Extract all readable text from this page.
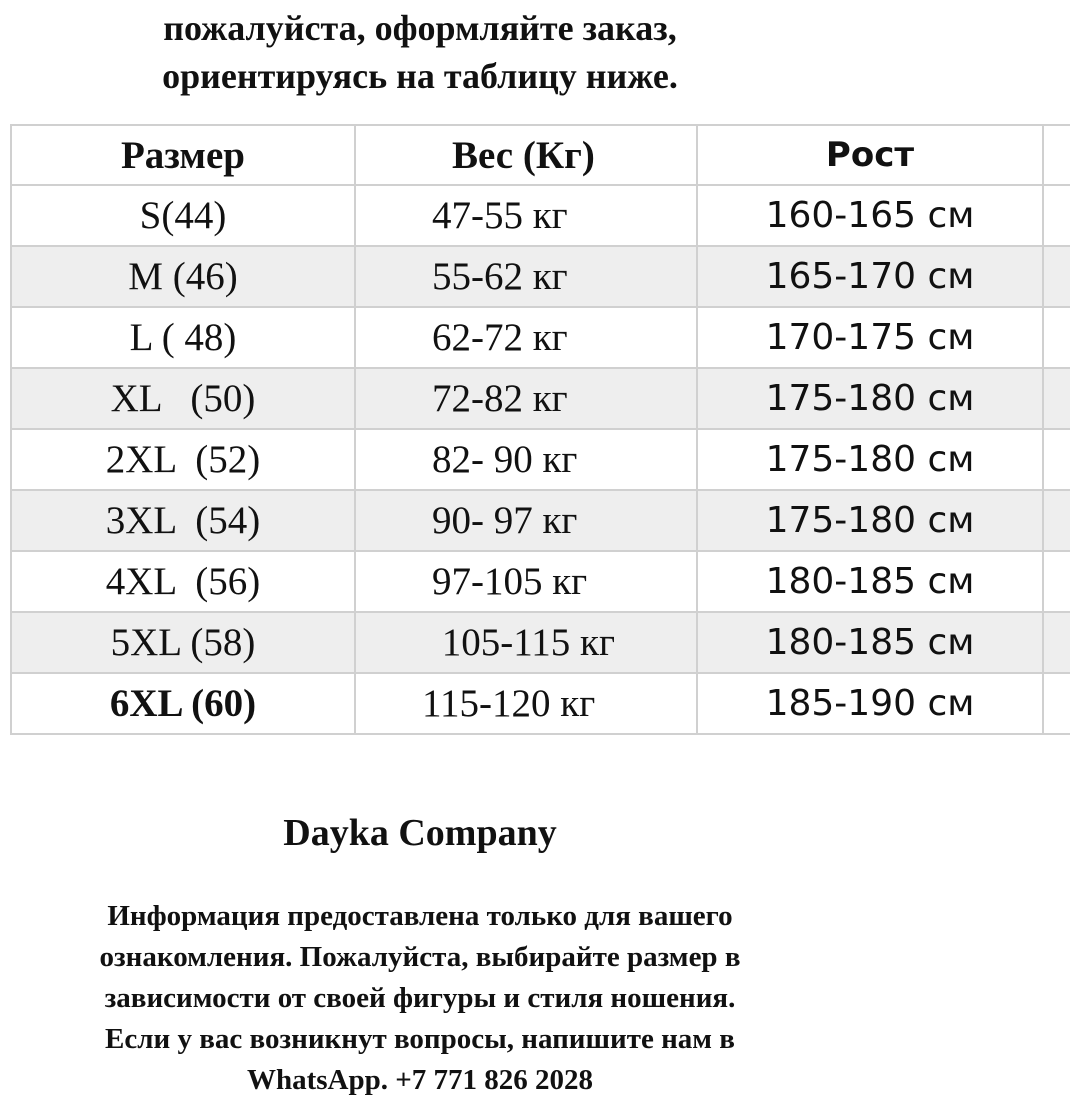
пожалуйста, оформляйте заказ,
ориентируясь на таблицу ниже.
Размер	Вес (Кг)	Рост	
S(44)	47-55 кг	160-165 см	
M (46)	55-62 кг	165-170 см	
L ( 48)	62-72 кг	170-175 см	
XL   (50)	72-82 кг	175-180 см	
2XL  (52)	82- 90 кг	175-180 см	
3XL  (54)	90- 97 кг	175-180 см	
4XL  (56)	97-105 кг	180-185 см	
5XL (58)	105-115 кг	180-185 см	
6XL (60)	115-120 кг	185-190 см	
Dayka Company
Информация предоставлена только для вашего
ознакомления. Пожалуйста, выбирайте размер в
зависимости от своей фигуры и стиля ношения.
Если у вас возникнут вопросы, напишите нам в
WhatsApp. +7 771 826 2028
